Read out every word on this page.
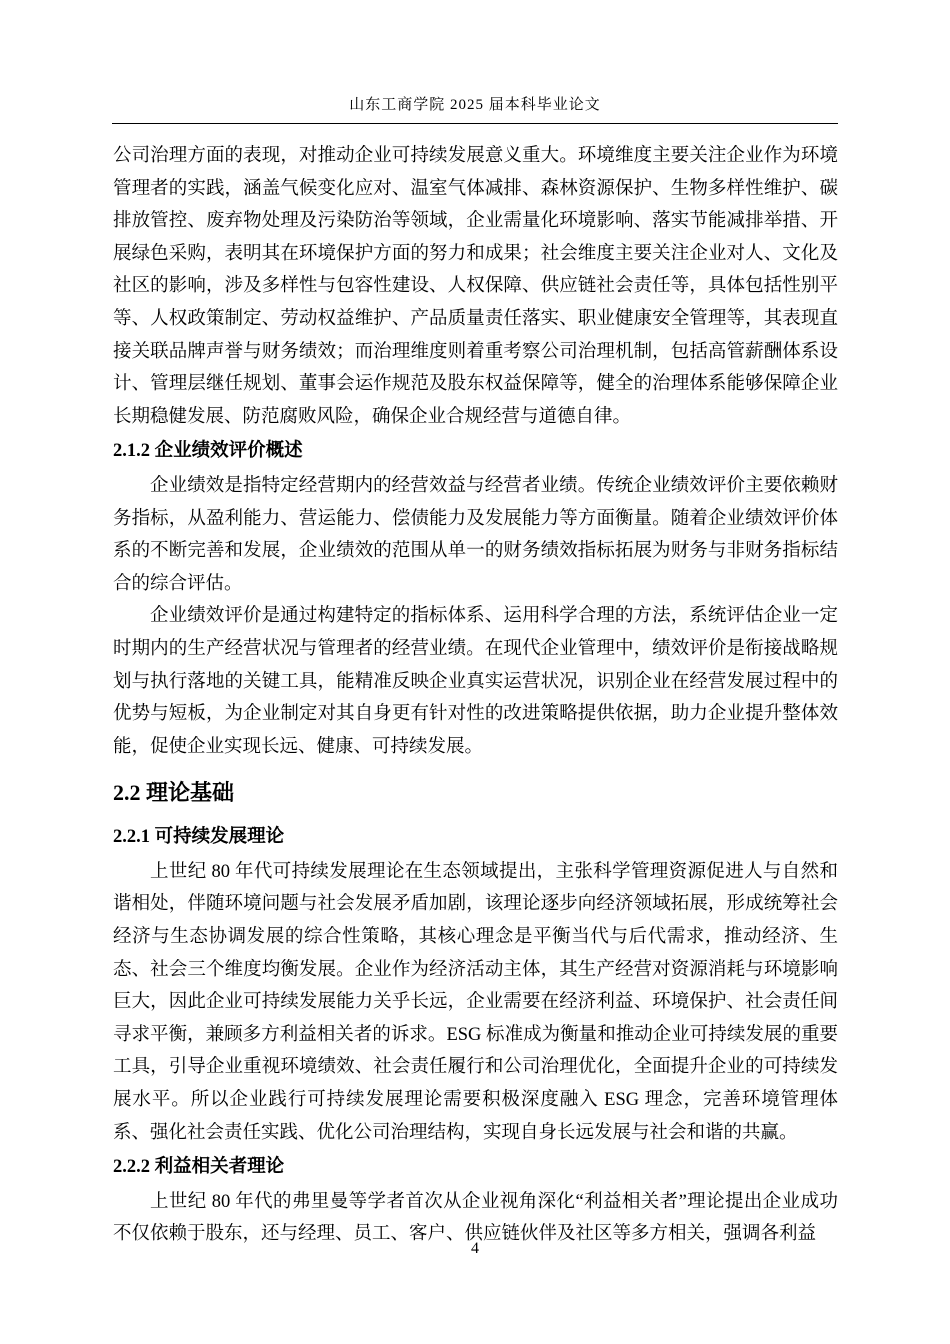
山东工商学院 2025 届本科毕业论文

公司治理方面的表现，对推动企业可持续发展意义重大。环境维度主要关注企业作为环境管理者的实践，涵盖气候变化应对、温室气体减排、森林资源保护、生物多样性维护、碳排放管控、废弃物处理及污染防治等领域，企业需量化环境影响、落实节能减排举措、开展绿色采购，表明其在环境保护方面的努力和成果；社会维度主要关注企业对人、文化及社区的影响，涉及多样性与包容性建设、人权保障、供应链社会责任等，具体包括性别平等、人权政策制定、劳动权益维护、产品质量责任落实、职业健康安全管理等，其表现直接关联品牌声誉与财务绩效；而治理维度则着重考察公司治理机制，包括高管薪酬体系设计、管理层继任规划、董事会运作规范及股东权益保障等，健全的治理体系能够保障企业长期稳健发展、防范腐败风险，确保企业合规经营与道德自律。

2.1.2 企业绩效评价概述

企业绩效是指特定经营期内的经营效益与经营者业绩。传统企业绩效评价主要依赖财务指标，从盈利能力、营运能力、偿债能力及发展能力等方面衡量。随着企业绩效评价体系的不断完善和发展，企业绩效的范围从单一的财务绩效指标拓展为财务与非财务指标结合的综合评估。

企业绩效评价是通过构建特定的指标体系、运用科学合理的方法，系统评估企业一定时期内的生产经营状况与管理者的经营业绩。在现代企业管理中，绩效评价是衔接战略规划与执行落地的关键工具，能精准反映企业真实运营状况，识别企业在经营发展过程中的优势与短板，为企业制定对其自身更有针对性的改进策略提供依据，助力企业提升整体效能，促使企业实现长远、健康、可持续发展。

2.2 理论基础
2.2.1 可持续发展理论

上世纪 80 年代可持续发展理论在生态领域提出，主张科学管理资源促进人与自然和谐相处，伴随环境问题与社会发展矛盾加剧，该理论逐步向经济领域拓展，形成统筹社会经济与生态协调发展的综合性策略，其核心理念是平衡当代与后代需求，推动经济、生态、社会三个维度均衡发展。企业作为经济活动主体，其生产经营对资源消耗与环境影响巨大，因此企业可持续发展能力关乎长远，企业需要在经济利益、环境保护、社会责任间寻求平衡，兼顾多方利益相关者的诉求。ESG 标准成为衡量和推动企业可持续发展的重要工具，引导企业重视环境绩效、社会责任履行和公司治理优化，全面提升企业的可持续发展水平。所以企业践行可持续发展理论需要积极深度融入 ESG 理念，完善环境管理体系、强化社会责任实践、优化公司治理结构，实现自身长远发展与社会和谐的共赢。

2.2.2 利益相关者理论

上世纪 80 年代的弗里曼等学者首次从企业视角深化“利益相关者”理论提出企业成功不仅依赖于股东，还与经理、员工、客户、供应链伙伴及社区等多方相关，强调各利益

4
